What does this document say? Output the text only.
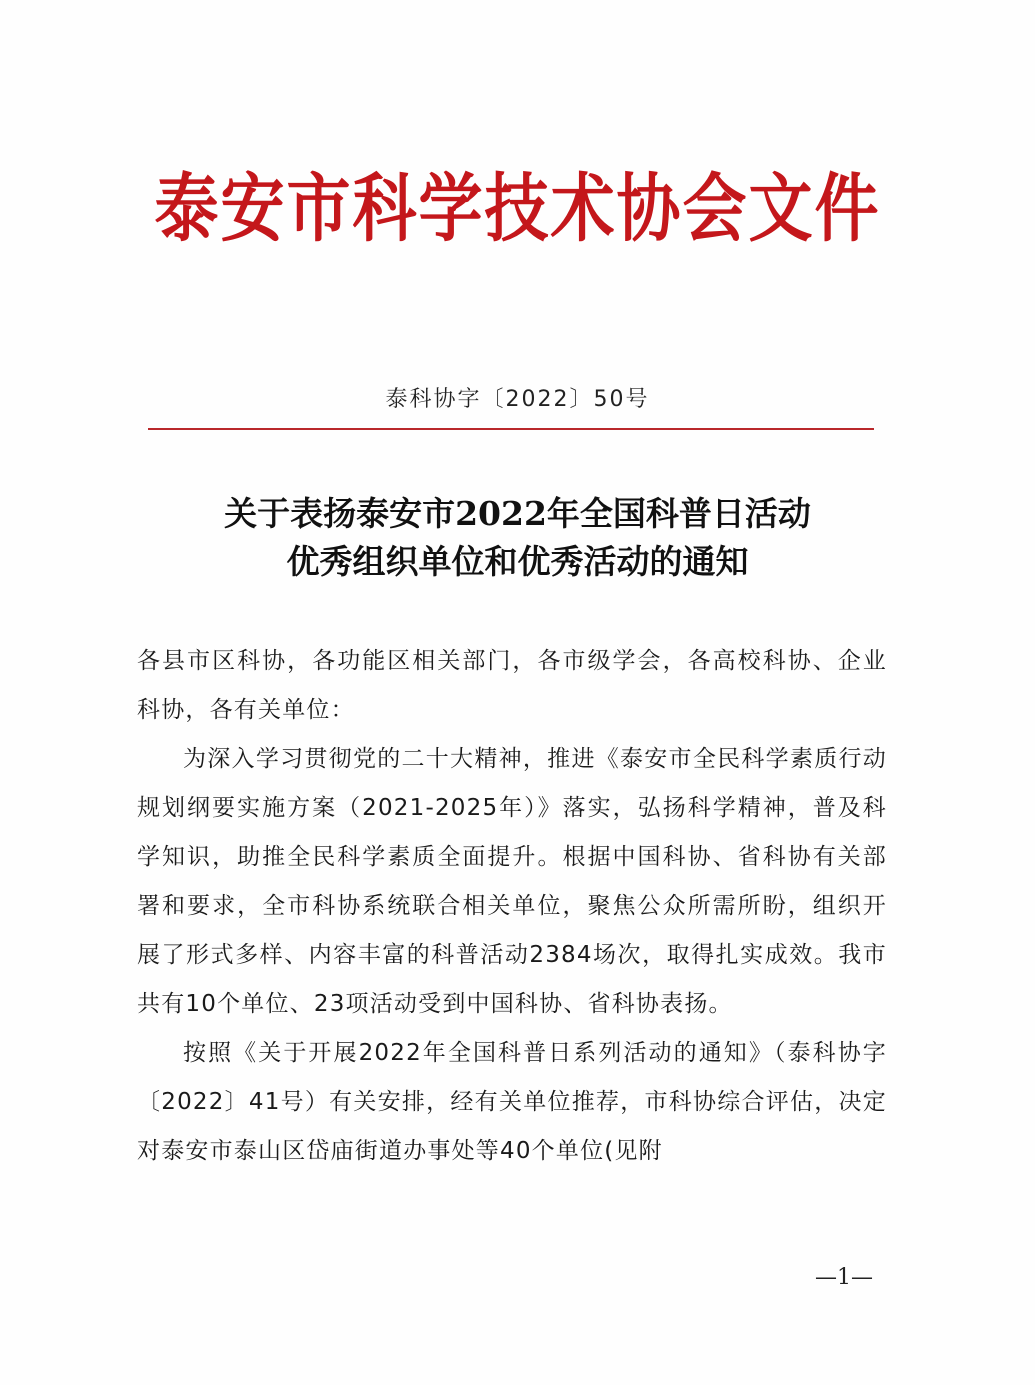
泰安市科学技术协会文件
泰科协字〔2022〕50号
关于表扬泰安市2022年全国科普日活动
优秀组织单位和优秀活动的通知

各县市区科协，各功能区相关部门，各市级学会，各高校科协、企业科协，各有关单位：

为深入学习贯彻党的二十大精神，推进《泰安市全民科学素质行动规划纲要实施方案（2021-2025年）》落实，弘扬科学精神，普及科学知识，助推全民科学素质全面提升。根据中国科协、省科协有关部署和要求，全市科协系统联合相关单位，聚焦公众所需所盼，组织开展了形式多样、内容丰富的科普活动2384场次，取得扎实成效。我市共有10个单位、23项活动受到中国科协、省科协表扬。

按照《关于开展2022年全国科普日系列活动的通知》（泰科协字〔2022〕41号）有关安排，经有关单位推荐，市科协综合评估，决定对泰安市泰山区岱庙街道办事处等40个单位(见附

—1—
